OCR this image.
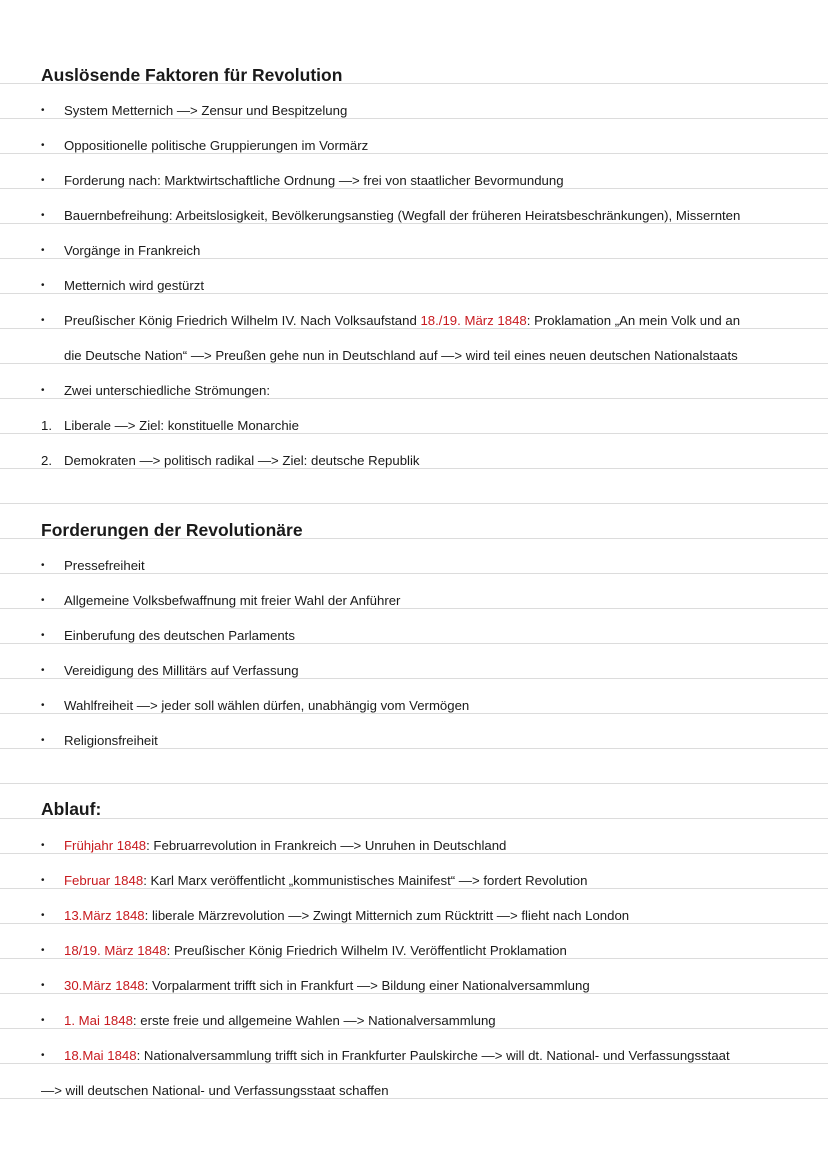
Auslösende Faktoren für Revolution
•	System Metternich —> Zensur und Bespitzelung
•	Oppositionelle politische Gruppierungen im Vormärz
•	Forderung nach: Marktwirtschaftliche Ordnung —> frei von staatlicher Bevormundung
•	Bauernbefreihung: Arbeitslosigkeit, Bevölkerungsanstieg (Wegfall der früheren Heiratsbeschränkungen), Missernten
•	Vorgänge in Frankreich
•	Metternich wird gestürzt
•	Preußischer König Friedrich Wilhelm IV. Nach Volksaufstand 18./19. März 1848: Proklamation „An mein Volk und an
die Deutsche Nation“ —> Preußen gehe nun in Deutschland auf —> wird teil eines neuen deutschen Nationalstaats
•	Zwei unterschiedliche Strömungen:
1. Liberale —> Ziel: konstituelle Monarchie
2. Demokraten —> politisch radikal —> Ziel: deutsche Republik
Forderungen der Revolutionäre
•	Pressefreiheit
•	Allgemeine Volksbefwaffnung mit freier Wahl der Anführer
•	Einberufung des deutschen Parlaments
•	Vereidigung des Millitärs auf Verfassung
•	Wahlfreiheit —> jeder soll wählen dürfen, unabhängig vom Vermögen
•	Religionsfreiheit
Ablauf:
•	Frühjahr 1848: Februarrevolution in Frankreich —> Unruhen in Deutschland
•	Februar 1848: Karl Marx veröffentlicht „kommunistisches Mainifest“ —> fordert Revolution
•	13.März 1848: liberale Märzrevolution —> Zwingt Mitternich zum Rücktritt —> flieht nach London
•	18/19. März 1848: Preußischer König Friedrich Wilhelm IV. Veröffentlicht Proklamation
•	30.März 1848: Vorpalarment trifft sich in Frankfurt —> Bildung einer Nationalversammlung
•	1. Mai 1848: erste freie und allgemeine Wahlen —> Nationalversammlung
•	18.Mai 1848: Nationalversammlung trifft sich in Frankfurter Paulskirche —> will dt. National- und Verfassungsstaat
—> will deutschen National- und Verfassungsstaat schaffen
